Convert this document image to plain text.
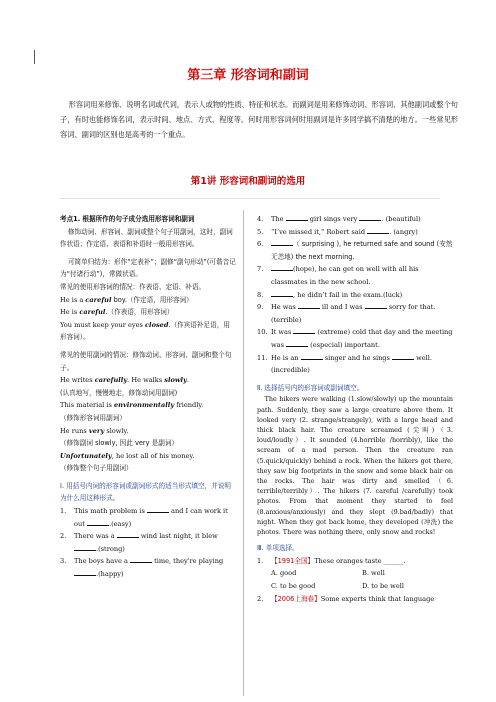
第三章 形容词和副词
形容词用来修饰、说明名词或代词，表示人或物的性质、特征和状态。而副词是用来修饰动词、形容词、其他副词或整个句子，有时也能修饰名词，表示时间、地点、方式、程度等。何时用形容词何时用副词是许多同学搞不清楚的地方。一些常见形容词、副词的区别也是高考的一个重点。
第1讲 形容词和副词的选用

考点1. 根据所作的句子成分选用形容词和副词

修饰动词、形容词、副词或整个句子用副词，这时，副词作状语；作定语、表语和补语时一般用形容词。

可简单归结为：形作“定表补”；副修“副句形动”(可谐音记为“付诸行动”)，常做状语。

常见的使用形容词的情况：作表语、定语、补语。

He is a careful boy.（作定语，用形容词）

He is careful.（作表语，用形容词）

You must keep your eyes closed.（作宾语补足语，用形容词）。

常见的使用副词的情况：修饰动词、形容词、副词和整个句子。

He writes carefully. He walks slowly.

(认真地写，慢慢地走，修饰动词用副词)

This material is environmentally friendly.

（修饰形容词用副词）

He runs very slowly.

（修饰副词 slowly, 因此 very 是副词）

Unfortunately, he lost all of his money.

（修饰整个句子用副词）

Ⅰ. 用括号内词的形容词或副词形式的适当形式填空，并说明为什么用这种形式。

1.	This math problem is	and I can work it out	.(easy)
2.	There was a	wind last night, it blew .(strong)
3.	The boys have a	time, they're playing .(happy)
4.	The	girl sings very	. (beautiful)
5.	“I’ve missed it,” Robert said	. (angry)
6.	（ surprising ), he returned safe and sound (安然无恙地) the next morning.
7.	(hope), he can get on well with all his classmates in the new school.
8.	, he didn’t fail in the exam.(luck)
9.	He was	ill and I was	sorry for that. (terrible)
10. It was	(extreme) cold that day and the meeting was	(especial) important.
11. He is an	singer and he sings	well. (incredible)

Ⅱ. 选择括号内的形容词或副词填空。

The hikers were walking (1.slow/slowly) up the mountain path. Suddenly, they saw a large creature above them. It looked very (2. strange/strangely), with a large head and thick black hair. The creature screamed (尖叫)（3. loud/loudly）. It sounded (4.horrible /horribly), like the scream of a mad person. Then the creature ran (5.quick/quickly) behind a rock. When the hikers got there, they saw big footprints in the snow and some black hair on the rocks. The hair was dirty and smelled（6. terrible/terribly）. The hikers (7. careful /carefully) took photos. From that moment they started to feel (8.anxious/anxiously) and they slept (9.bad/badly) that night. When they got back home, they developed (冲洗) the photos. There was nothing there, only snow and rocks!

Ⅲ. 单项选择。

1.	【1991全国】These oranges taste ______.
A. good	B. well
C. to be good	D. to be well
2.	【2006上海春】Some experts think that language
